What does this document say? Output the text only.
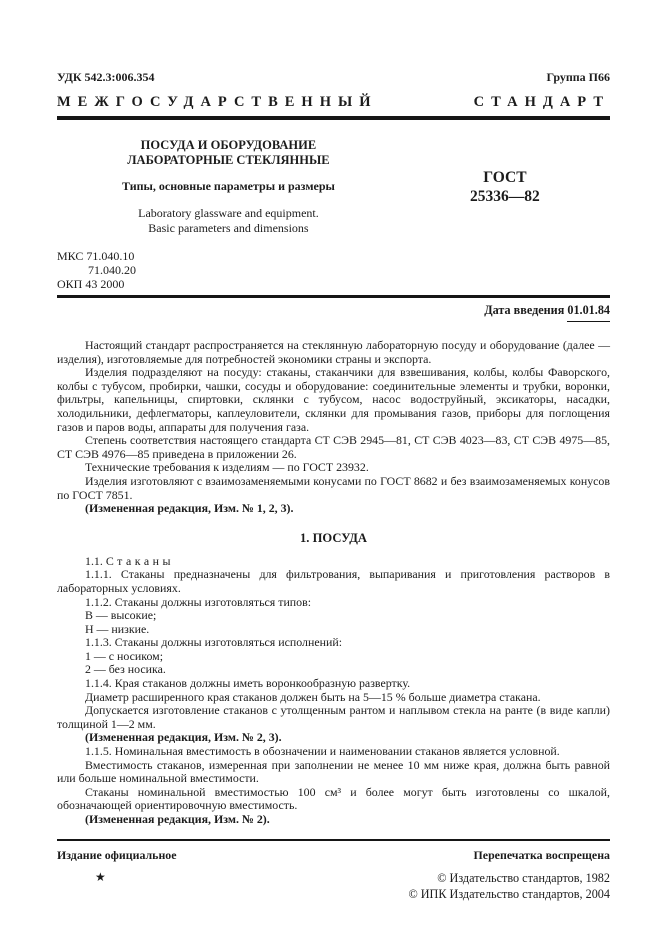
УДК 542.3:006.354	Группа П66
МЕЖГОСУДАРСТВЕННЫЙ	СТАНДАРТ
ПОСУДА И ОБОРУДОВАНИЕ
ЛАБОРАТОРНЫЕ СТЕКЛЯННЫЕ
Типы, основные параметры и размеры
Laboratory glassware and equipment.
Basic parameters and dimensions
ГОСТ
25336—82
МКС 71.040.10
71.040.20
ОКП 43 2000
Дата введения 01.01.84

Настоящий стандарт распространяется на стеклянную лабораторную посуду и оборудование (далее — изделия), изготовляемые для потребностей экономики страны и экспорта.

Изделия подразделяют на посуду: стаканы, стаканчики для взвешивания, колбы, колбы Фаворского, колбы с тубусом, пробирки, чашки, сосуды и оборудование: соединительные элементы и трубки, воронки, фильтры, капельницы, спиртовки, склянки с тубусом, насос водоструйный, эксикаторы, насадки, холодильники, дефлегматоры, каплеуловители, склянки для промывания газов, приборы для поглощения газов и паров воды, аппараты для получения газа.

Степень соответствия настоящего стандарта СТ СЭВ 2945—81, СТ СЭВ 4023—83, СТ СЭВ 4975—85, СТ СЭВ 4976—85 приведена в приложении 26.

Технические требования к изделиям — по ГОСТ 23932.

Изделия изготовляют с взаимозаменяемыми конусами по ГОСТ 8682 и без взаимозаменяемых конусов по ГОСТ 7851.

(Измененная редакция, Изм. № 1, 2, 3).

1. ПОСУДА

1.1. Стаканы

1.1.1. Стаканы предназначены для фильтрования, выпаривания и приготовления растворов в лабораторных условиях.

1.1.2. Стаканы должны изготовляться типов:

В — высокие;

Н — низкие.

1.1.3. Стаканы должны изготовляться исполнений:

1 — с носиком;

2 — без носика.

1.1.4. Края стаканов должны иметь воронкообразную развертку.

Диаметр расширенного края стаканов должен быть на 5—15 % больше диаметра стакана.

Допускается изготовление стаканов с утолщенным рантом и наплывом стекла на ранте (в виде капли) толщиной 1—2 мм.

(Измененная редакция, Изм. № 2, 3).

1.1.5. Номинальная вместимость в обозначении и наименовании стаканов является условной.

Вместимость стаканов, измеренная при заполнении не менее 10 мм ниже края, должна быть равной или больше номинальной вместимости.

Стаканы номинальной вместимостью 100 см³ и более могут быть изготовлены со шкалой, обозначающей ориентировочную вместимость.

(Измененная редакция, Изм. № 2).

Издание официальное	Перепечатка воспрещена
★	© Издательство стандартов, 1982
© ИПК Издательство стандартов, 2004
